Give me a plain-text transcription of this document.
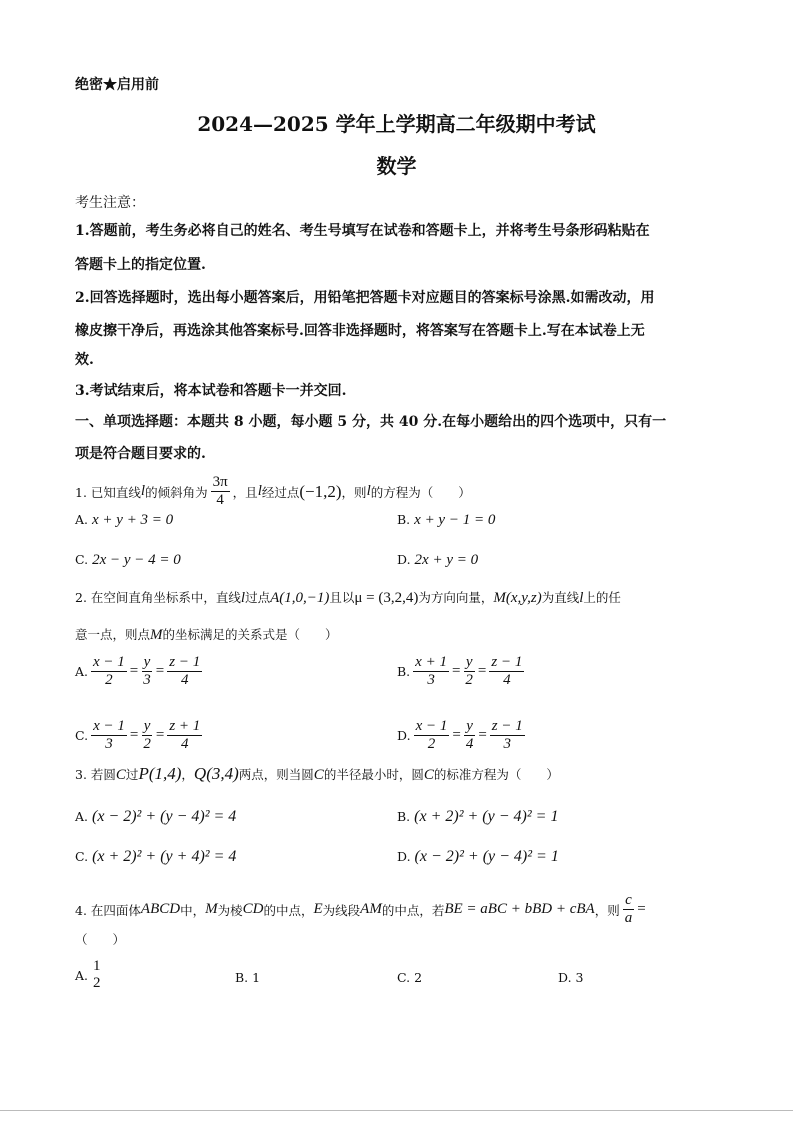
绝密★启用前
2024—2025 学年上学期高二年级期中考试
数学
考生注意：
1.答题前，考生务必将自己的姓名、考生号填写在试卷和答题卡上，并将考生号条形码粘贴在
答题卡上的指定位置.
2.回答选择题时，选出每小题答案后，用铅笔把答题卡对应题目的答案标号涂黑.如需改动，用
橡皮擦干净后，再选涂其他答案标号.回答非选择题时，将答案写在答题卡上.写在本试卷上无
效.
3.考试结束后，将本试卷和答题卡一并交回.
一、单项选择题：本题共 8 小题，每小题 5 分，共 40 分.在每小题给出的四个选项中，只有一
项是符合题目要求的.
1. 已知直线 l 的倾斜角为 $\frac{3\pi}{4}$ ，且 l 经过点 (−1,2) ，则 l 的方程为（　　）
A. x + y + 3 = 0	B. x + y − 1 = 0
C. 2x − y − 4 = 0	D. 2x + y = 0
2. 在空间直角坐标系中，直线l过点A(1,0,−1)且以μ = (3,2,4)为方向向量，M(x,y,z)为直线l上的任
意一点，则点M的坐标满足的关系式是（　　）
A. $\frac{x - 1}{2} = \frac{y}{3} = \frac{z - 1}{4}$	B. $\frac{x + 1}{3} = \frac{y}{2} = \frac{z - 1}{4}$
C. $\frac{x - 1}{3} = \frac{y}{2} = \frac{z + 1}{4}$	D. $\frac{x - 1}{2} = \frac{y}{4} = \frac{z - 1}{3}$
3. 若圆C过P(1,4)，Q(3,4)两点，则当圆C的半径最小时，圆C的标准方程为（　　）
A. (x − 2)² + (y − 4)² = 4	B. (x + 2)² + (y − 4)² = 1
C. (x + 2)² + (y + 4)² = 4	D. (x − 2)² + (y − 4)² = 1
4. 在四面体 ABCD 中， M 为棱 CD 的中点， E 为线段 AM 的中点，若 BE = aBC + bBD + cBA ，则 $\frac{c}{a}$ =
（　　）
A.
1
2	B. 1	C. 2	D. 3
